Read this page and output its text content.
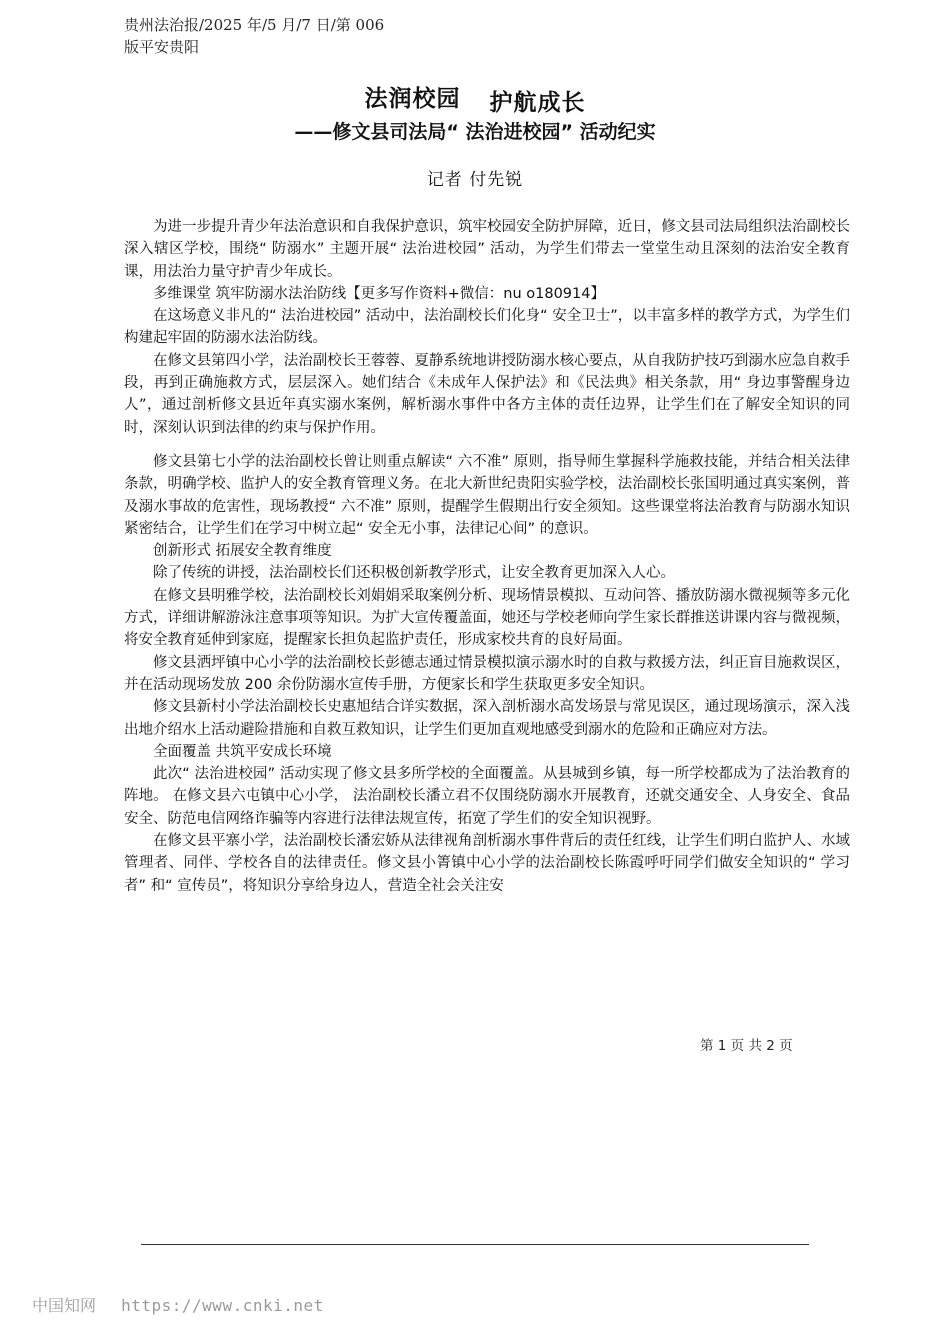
贵州法治报/2025 年/5 月/7 日/第 006
版平安贵阳
法润校园 护航成长
——修文县司法局“ 法治进校园” 活动纪实
记者 付先锐

为进一步提升青少年法治意识和自我保护意识，筑牢校园安全防护屏障，近日，修文县司法局组织法治副校长深入辖区学校，围绕“ 防溺水” 主题开展“ 法治进校园” 活动，为学生们带去一堂堂生动且深刻的法治安全教育课，用法治力量守护青少年成长。

多维课堂 筑牢防溺水法治防线【更多写作资料+微信：nu o180914】

在这场意义非凡的“ 法治进校园” 活动中，法治副校长们化身“ 安全卫士”，以丰富多样的教学方式，为学生们构建起牢固的防溺水法治防线。

在修文县第四小学，法治副校长王蓉蓉、夏静系统地讲授防溺水核心要点，从自我防护技巧到溺水应急自救手段，再到正确施救方式，层层深入。她们结合《未成年人保护法》和《民法典》相关条款，用“ 身边事警醒身边人”，通过剖析修文县近年真实溺水案例，解析溺水事件中各方主体的责任边界，让学生们在了解安全知识的同时，深刻认识到法律的约束与保护作用。

修文县第七小学的法治副校长曾让则重点解读“ 六不准” 原则，指导师生掌握科学施救技能，并结合相关法律条款，明确学校、监护人的安全教育管理义务。在北大新世纪贵阳实验学校，法治副校长张国明通过真实案例，普及溺水事故的危害性，现场教授“ 六不准” 原则，提醒学生假期出行安全须知。这些课堂将法治教育与防溺水知识紧密结合，让学生们在学习中树立起“ 安全无小事，法律记心间” 的意识。

创新形式 拓展安全教育维度

除了传统的讲授，法治副校长们还积极创新教学形式，让安全教育更加深入人心。

在修文县明雅学校，法治副校长刘娟娟采取案例分析、现场情景模拟、互动问答、播放防溺水微视频等多元化方式，详细讲解游泳注意事项等知识。为扩大宣传覆盖面，她还与学校老师向学生家长群推送讲课内容与微视频，将安全教育延伸到家庭，提醒家长担负起监护责任，形成家校共育的良好局面。

修文县洒坪镇中心小学的法治副校长彭德志通过情景模拟演示溺水时的自救与救援方法，纠正盲目施救误区，并在活动现场发放 200 余份防溺水宣传手册，方便家长和学生获取更多安全知识。

修文县新村小学法治副校长史惠旭结合详实数据，深入剖析溺水高发场景与常见误区，通过现场演示，深入浅出地介绍水上活动避险措施和自救互救知识，让学生们更加直观地感受到溺水的危险和正确应对方法。

全面覆盖 共筑平安成长环境

此次“ 法治进校园” 活动实现了修文县多所学校的全面覆盖。从县城到乡镇，每一所学校都成为了法治教育的阵地。 在修文县六屯镇中心小学， 法治副校长潘立君不仅围绕防溺水开展教育，还就交通安全、人身安全、食品安全、防范电信网络诈骗等内容进行法律法规宣传，拓宽了学生们的安全知识视野。

在修文县平寨小学，法治副校长潘宏娇从法律视角剖析溺水事件背后的责任红线，让学生们明白监护人、水域管理者、同伴、学校各自的法律责任。修文县小箐镇中心小学的法治副校长陈霞呼吁同学们做安全知识的“ 学习者” 和“ 宣传员”，将知识分享给身边人，营造全社会关注安

第 1 页 共 2 页
中国知网 https://www.cnki.net
